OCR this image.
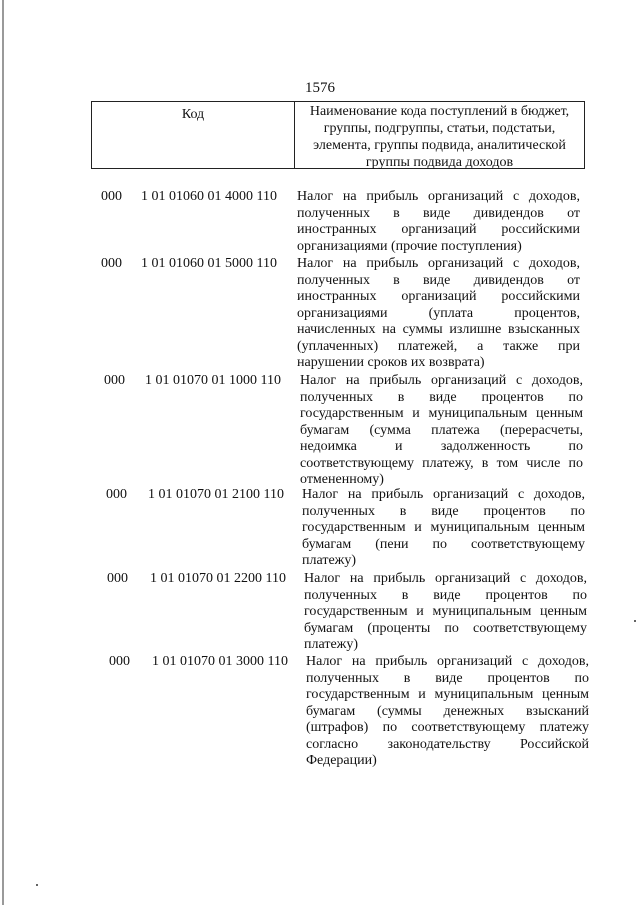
1576
Код	Наименование кода поступлений в бюджет,
группы, подгруппы, статьи, подстатьи,
элемента, группы подвида, аналитической
группы подвида доходов
000	1 01 01060 01 4000 110 Налог на прибыль организаций с доходов,
полученных в виде дивидендов от
иностранных организаций российскими
организациями (прочие поступления)
000	1 01 01060 01 5000 110 Налог на прибыль организаций с доходов,
полученных в виде дивидендов от
иностранных организаций российскими
организациями (уплата процентов,
начисленных на суммы излишне взысканных
(уплаченных) платежей, а также при
нарушении сроков их возврата)
000	1 01 01070 01 1000 110 Налог на прибыль организаций с доходов,
полученных в виде процентов по
государственным и муниципальным ценным
бумагам (сумма платежа (перерасчеты,
недоимка и задолженность по
соответствующему платежу, в том числе по
отмененному)
000	1 01 01070 01 2100 110 Налог на прибыль организаций с доходов,
полученных в виде процентов по
государственным и муниципальным ценным
бумагам (пени по соответствующему
платежу)
000	1 01 01070 01 2200 110 Налог на прибыль организаций с доходов,
полученных в виде процентов по
государственным и муниципальным ценным
бумагам (проценты по соответствующему
платежу)
000	1 01 01070 01 3000 110 Налог на прибыль организаций с доходов,
полученных в виде процентов по
государственным и муниципальным ценным
бумагам (суммы денежных взысканий
(штрафов) по соответствующему платежу
согласно законодательству Российской
Федерации)
